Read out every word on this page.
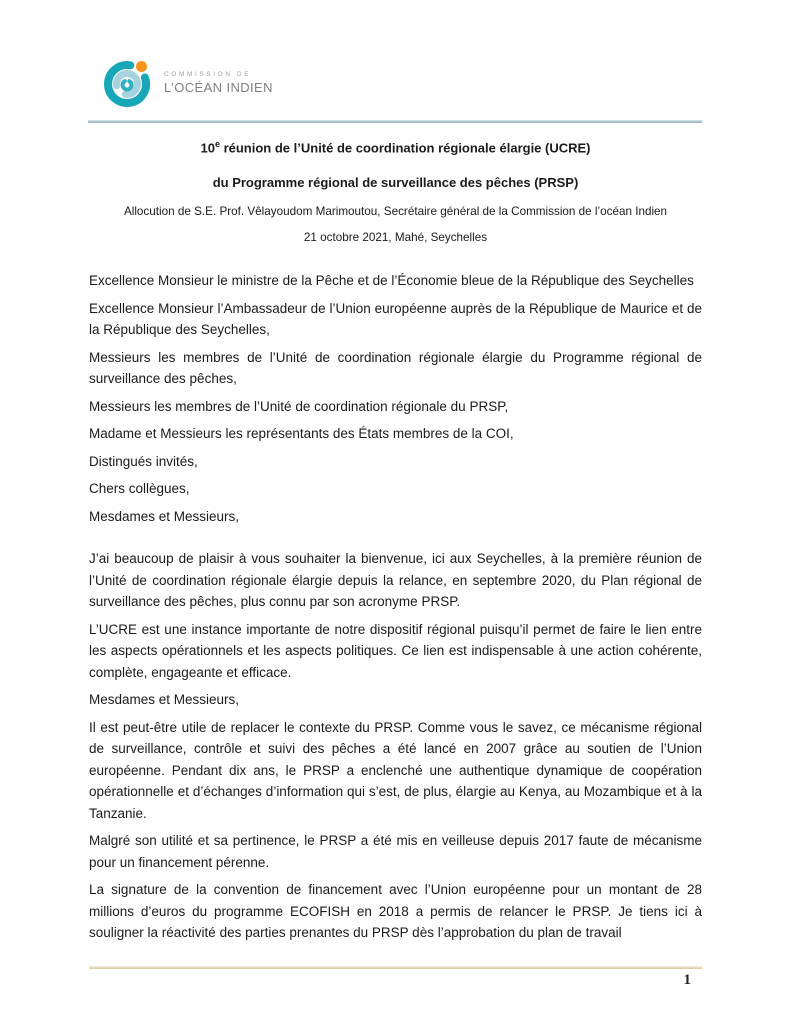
COMMISSION DE
L’OCÉAN INDIEN

10e réunion de l’Unité de coordination régionale élargie (UCRE)

du Programme régional de surveillance des pêches (PRSP)

Allocution de S.E. Prof. Vêlayoudom Marimoutou, Secrétaire général de la Commission de l’océan Indien

21 octobre 2021, Mahé, Seychelles

Excellence Monsieur le ministre de la Pêche et de l’Économie bleue de la République des Seychelles

Excellence Monsieur l’Ambassadeur de l’Union européenne auprès de la République de Maurice et de la République des Seychelles,

Messieurs les membres de l’Unité de coordination régionale élargie du Programme régional de surveillance des pêches,

Messieurs les membres de l’Unité de coordination régionale du PRSP,

Madame et Messieurs les représentants des États membres de la COI,

Distingués invités,

Chers collègues,

Mesdames et Messieurs,

J’ai beaucoup de plaisir à vous souhaiter la bienvenue, ici aux Seychelles, à la première réunion de l’Unité de coordination régionale élargie depuis la relance, en septembre 2020, du Plan régional de surveillance des pêches, plus connu par son acronyme PRSP.

L’UCRE est une instance importante de notre dispositif régional puisqu’il permet de faire le lien entre les aspects opérationnels et les aspects politiques. Ce lien est indispensable à une action cohérente, complète, engageante et efficace.

Mesdames et Messieurs,

Il est peut-être utile de replacer le contexte du PRSP. Comme vous le savez, ce mécanisme régional de surveillance, contrôle et suivi des pêches a été lancé en 2007 grâce au soutien de l’Union européenne. Pendant dix ans, le PRSP a enclenché une authentique dynamique de coopération opérationnelle et d’échanges d’information qui s’est, de plus, élargie au Kenya, au Mozambique et à la Tanzanie.

Malgré son utilité et sa pertinence, le PRSP a été mis en veilleuse depuis 2017 faute de mécanisme pour un financement pérenne.

La signature de la convention de financement avec l’Union européenne pour un montant de 28 millions d’euros du programme ECOFISH en 2018 a permis de relancer le PRSP. Je tiens ici à souligner la réactivité des parties prenantes du PRSP dès l’approbation du plan de travail

1
